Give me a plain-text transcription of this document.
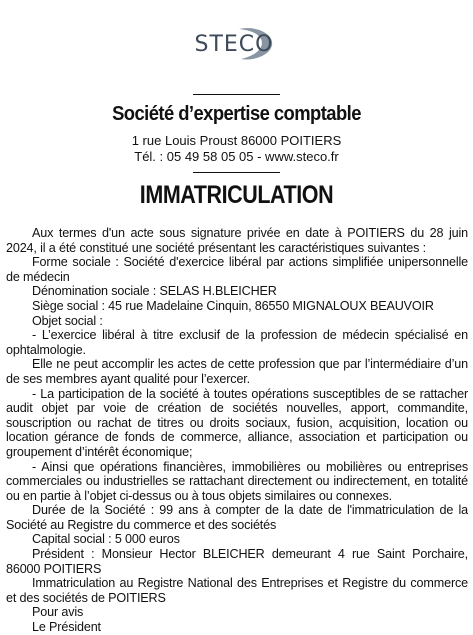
STECO
Société d’expertise comptable
1 rue Louis Proust 86000 POITIERS
Tél. : 05 49 58 05 05 - www.steco.fr
IMMATRICULATION

Aux termes d'un acte sous signature privée en date à POITIERS du 28 juin 2024, il a été constitué une société présentant les caractéristiques suivantes :

Forme sociale : Société d'exercice libéral par actions simplifiée unipersonnelle de médecin

Dénomination sociale : SELAS H.BLEICHER

Siège social : 45 rue Madelaine Cinquin, 86550 MIGNALOUX BEAUVOIR

Objet social :

- L’exercice libéral à titre exclusif de la profession de médecin spécialisé en ophtalmologie.

Elle ne peut accomplir les actes de cette profession que par l’intermédiaire d’un de ses membres ayant qualité pour l’exercer.

- La participation de la société à toutes opérations susceptibles de se rattacher audit objet par voie de création de sociétés nouvelles, apport, commandite, souscription ou rachat de titres ou droits sociaux, fusion, acquisition, location ou location gérance de fonds de commerce, alliance, association et participation ou groupement d’intérêt économique;

- Ainsi que opérations financières, immobilières ou mobilières ou entreprises commerciales ou industrielles se rattachant directement ou indirectement, en totalité ou en partie à l’objet ci-dessus ou à tous objets similaires ou connexes.

Durée de la Société : 99 ans à compter de la date de l'immatriculation de la Société au Registre du commerce et des sociétés

Capital social : 5 000 euros

Président : Monsieur Hector BLEICHER demeurant 4 rue Saint Porchaire, 86000 POITIERS

Immatriculation au Registre National des Entreprises et Registre du commerce et des sociétés de POITIERS

Pour avis

Le Président
